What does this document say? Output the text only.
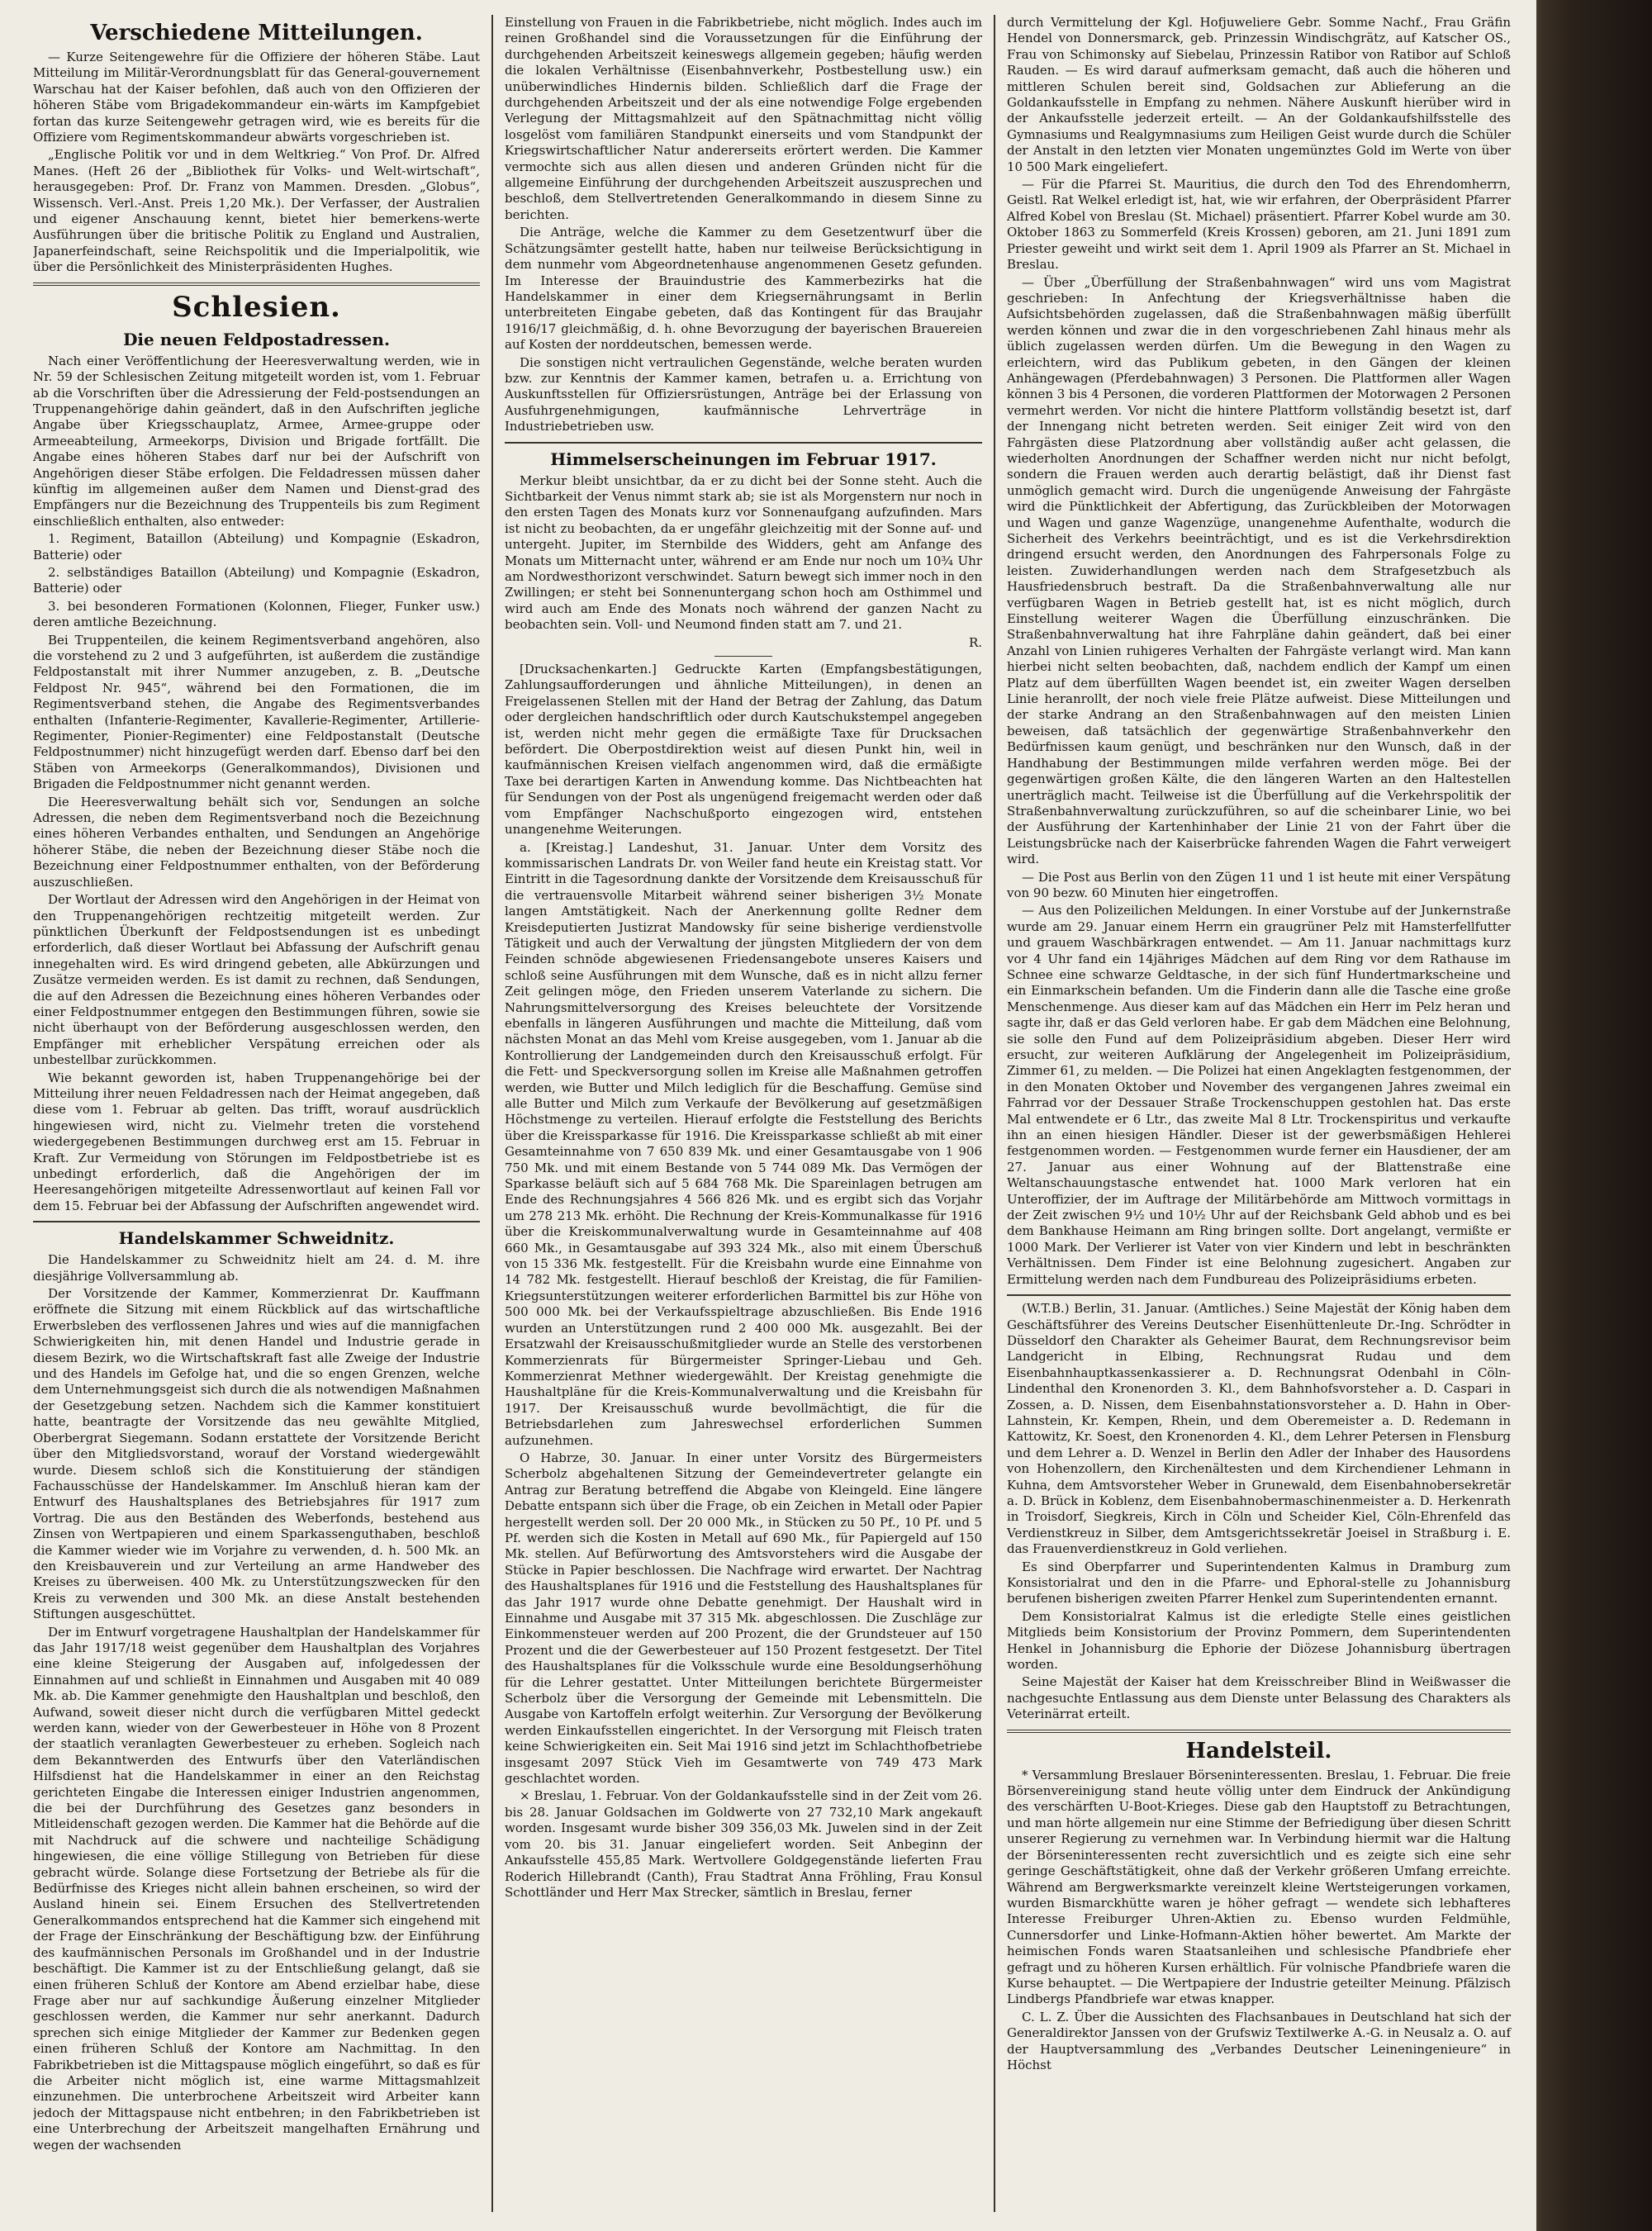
Verschiedene Mitteilungen.

— Kurze Seitengewehre für die Offiziere der höheren Stäbe. Laut Mitteilung im Militär-Verordnungsblatt für das General-gouvernement Warschau hat der Kaiser befohlen, daß auch von den Offizieren der höheren Stäbe vom Brigadekommandeur ein-wärts im Kampfgebiet fortan das kurze Seitengewehr getragen wird, wie es bereits für die Offiziere vom Regimentskommandeur abwärts vorgeschrieben ist.

„Englische Politik vor und in dem Weltkrieg.“ Von Prof. Dr. Alfred Manes. (Heft 26 der „Bibliothek für Volks- und Welt-wirtschaft“, herausgegeben: Prof. Dr. Franz von Mammen. Dresden. „Globus“, Wissensch. Verl.-Anst. Preis 1,20 Mk.). Der Verfasser, der Australien und eigener Anschauung kennt, bietet hier bemerkens-werte Ausführungen über die britische Politik zu England und Australien, Japanerfeindschaft, seine Reichspolitik und die Imperialpolitik, wie über die Persönlichkeit des Ministerpräsidenten Hughes.

Schlesien.
Die neuen Feldpostadressen.

Nach einer Veröffentlichung der Heeresverwaltung werden, wie in Nr. 59 der Schlesischen Zeitung mitgeteilt worden ist, vom 1. Februar ab die Vorschriften über die Adressierung der Feld-postsendungen an Truppenangehörige dahin geändert, daß in den Aufschriften jegliche Angabe über Kriegsschauplatz, Armee, Armee-gruppe oder Armeeabteilung, Armeekorps, Division und Brigade fortfällt. Die Angabe eines höheren Stabes darf nur bei der Aufschrift von Angehörigen dieser Stäbe erfolgen. Die Feldadressen müssen daher künftig im allgemeinen außer dem Namen und Dienst-grad des Empfängers nur die Bezeichnung des Truppenteils bis zum Regiment einschließlich enthalten, also entweder:

1. Regiment, Bataillon (Abteilung) und Kompagnie (Eskadron, Batterie) oder

2. selbständiges Bataillon (Abteilung) und Kompagnie (Eskadron, Batterie) oder

3. bei besonderen Formationen (Kolonnen, Flieger, Funker usw.) deren amtliche Bezeichnung.

Bei Truppenteilen, die keinem Regimentsverband angehören, also die vorstehend zu 2 und 3 aufgeführten, ist außerdem die zuständige Feldpostanstalt mit ihrer Nummer anzugeben, z. B. „Deutsche Feldpost Nr. 945“, während bei den Formationen, die im Regimentsverband stehen, die Angabe des Regimentsverbandes enthalten (Infanterie-Regimenter, Kavallerie-Regimenter, Artillerie-Regimenter, Pionier-Regimenter) eine Feldpostanstalt (Deutsche Feldpostnummer) nicht hinzugefügt werden darf. Ebenso darf bei den Stäben von Armeekorps (Generalkommandos), Divisionen und Brigaden die Feldpostnummer nicht genannt werden.

Die Heeresverwaltung behält sich vor, Sendungen an solche Adressen, die neben dem Regimentsverband noch die Bezeichnung eines höheren Verbandes enthalten, und Sendungen an Angehörige höherer Stäbe, die neben der Bezeichnung dieser Stäbe noch die Bezeichnung einer Feldpostnummer enthalten, von der Beförderung auszuschließen.

Der Wortlaut der Adressen wird den Angehörigen in der Heimat von den Truppenangehörigen rechtzeitig mitgeteilt werden. Zur pünktlichen Überkunft der Feldpostsendungen ist es unbedingt erforderlich, daß dieser Wortlaut bei Abfassung der Aufschrift genau innegehalten wird. Es wird dringend gebeten, alle Abkürzungen und Zusätze vermeiden werden. Es ist damit zu rechnen, daß Sendungen, die auf den Adressen die Bezeichnung eines höheren Verbandes oder einer Feldpostnummer entgegen den Bestimmungen führen, sowie sie nicht überhaupt von der Beförderung ausgeschlossen werden, den Empfänger mit erheblicher Verspätung erreichen oder als unbestellbar zurückkommen.

Wie bekannt geworden ist, haben Truppenangehörige bei der Mitteilung ihrer neuen Feldadressen nach der Heimat angegeben, daß diese vom 1. Februar ab gelten. Das trifft, worauf ausdrücklich hingewiesen wird, nicht zu. Vielmehr treten die vorstehend wiedergegebenen Bestimmungen durchweg erst am 15. Februar in Kraft. Zur Vermeidung von Störungen im Feldpostbetriebe ist es unbedingt erforderlich, daß die Angehörigen der im Heeresangehörigen mitgeteilte Adressenwortlaut auf keinen Fall vor dem 15. Februar bei der Abfassung der Aufschriften angewendet wird.

Handelskammer Schweidnitz.

Die Handelskammer zu Schweidnitz hielt am 24. d. M. ihre diesjährige Vollversammlung ab.

Der Vorsitzende der Kammer, Kommerzienrat Dr. Kauffmann eröffnete die Sitzung mit einem Rückblick auf das wirtschaftliche Erwerbsleben des verflossenen Jahres und wies auf die mannigfachen Schwierigkeiten hin, mit denen Handel und Industrie gerade in diesem Bezirk, wo die Wirtschaftskraft fast alle Zweige der Industrie und des Handels im Gefolge hat, und die so engen Grenzen, welche dem Unternehmungsgeist sich durch die als notwendigen Maßnahmen der Gesetzgebung setzen. Nachdem sich die Kammer konstituiert hatte, beantragte der Vorsitzende das neu gewählte Mitglied, Oberbergrat Siegemann. Sodann erstattete der Vorsitzende Bericht über den Mitgliedsvorstand, worauf der Vorstand wiedergewählt wurde. Diesem schloß sich die Konstituierung der ständigen Fachausschüsse der Handelskammer. Im Anschluß hieran kam der Entwurf des Haushaltsplanes des Betriebsjahres für 1917 zum Vortrag. Die aus den Beständen des Weberfonds, bestehend aus Zinsen von Wertpapieren und einem Sparkassenguthaben, beschloß die Kammer wieder wie im Vorjahre zu verwenden, d. h. 500 Mk. an den Kreisbauverein und zur Verteilung an arme Handweber des Kreises zu überweisen. 400 Mk. zu Unterstützungszwecken für den Kreis zu verwenden und 300 Mk. an diese Anstalt bestehenden Stiftungen ausgeschüttet.

Der im Entwurf vorgetragene Haushaltplan der Handelskammer für das Jahr 1917/18 weist gegenüber dem Haushaltplan des Vorjahres eine kleine Steigerung der Ausgaben auf, infolgedessen der Einnahmen auf und schließt in Einnahmen und Ausgaben mit 40 089 Mk. ab. Die Kammer genehmigte den Haushaltplan und beschloß, den Aufwand, soweit dieser nicht durch die verfügbaren Mittel gedeckt werden kann, wieder von der Gewerbesteuer in Höhe von 8 Prozent der staatlich veranlagten Gewerbesteuer zu erheben. Sogleich nach dem Bekanntwerden des Entwurfs über den Vaterländischen Hilfsdienst hat die Handelskammer in einer an den Reichstag gerichteten Eingabe die Interessen einiger Industrien angenommen, die bei der Durchführung des Gesetzes ganz besonders in Mitleidenschaft gezogen werden. Die Kammer hat die Behörde auf die mit Nachdruck auf die schwere und nachteilige Schädigung hingewiesen, die eine völlige Stillegung von Betrieben für diese gebracht würde. Solange diese Fortsetzung der Betriebe als für die Bedürfnisse des Krieges nicht allein bahnen erscheinen, so wird der Ausland hinein sei. Einem Ersuchen des Stellvertretenden Generalkommandos entsprechend hat die Kammer sich eingehend mit der Frage der Einschränkung der Beschäftigung bzw. der Einführung des kaufmännischen Personals im Großhandel und in der Industrie beschäftigt. Die Kammer ist zu der Entschließung gelangt, daß sie einen früheren Schluß der Kontore am Abend erzielbar habe, diese Frage aber nur auf sachkundige Äußerung einzelner Mitglieder geschlossen werden, die Kammer nur sehr anerkannt. Dadurch sprechen sich einige Mitglieder der Kammer zur Bedenken gegen einen früheren Schluß der Kontore am Nachmittag. In den Fabrikbetrieben ist die Mittagspause möglich eingeführt, so daß es für die Arbeiter nicht möglich ist, eine warme Mittagsmahlzeit einzunehmen. Die unterbrochene Arbeitszeit wird Arbeiter kann jedoch der Mittagspause nicht entbehren; in den Fabrikbetrieben ist eine Unterbrechung der Arbeitszeit mangelhaften Ernährung und wegen der wachsenden

Einstellung von Frauen in die Fabrikbetriebe, nicht möglich. Indes auch im reinen Großhandel sind die Voraussetzungen für die Einführung der durchgehenden Arbeitszeit keineswegs allgemein gegeben; häufig werden die lokalen Verhältnisse (Eisenbahnverkehr, Postbestellung usw.) ein unüberwindliches Hindernis bilden. Schließlich darf die Frage der durchgehenden Arbeitszeit und der als eine notwendige Folge ergebenden Verlegung der Mittagsmahlzeit auf den Spätnachmittag nicht völlig losgelöst vom familiären Standpunkt einerseits und vom Standpunkt der Kriegswirtschaftlicher Natur andererseits erörtert werden. Die Kammer vermochte sich aus allen diesen und anderen Gründen nicht für die allgemeine Einführung der durchgehenden Arbeitszeit auszusprechen und beschloß, dem Stellvertretenden Generalkommando in diesem Sinne zu berichten.

Die Anträge, welche die Kammer zu dem Gesetzentwurf über die Schätzungsämter gestellt hatte, haben nur teilweise Berücksichtigung in dem nunmehr vom Abgeordnetenhause angenommenen Gesetz gefunden. Im Interesse der Brauindustrie des Kammerbezirks hat die Handelskammer in einer dem Kriegsernährungsamt in Berlin unterbreiteten Eingabe gebeten, daß das Kontingent für das Braujahr 1916/17 gleichmäßig, d. h. ohne Bevorzugung der bayerischen Brauereien auf Kosten der norddeutschen, bemessen werde.

Die sonstigen nicht vertraulichen Gegenstände, welche beraten wurden bzw. zur Kenntnis der Kammer kamen, betrafen u. a. Errichtung von Auskunftsstellen für Offiziersrüstungen, Anträge bei der Erlassung von Ausfuhrgenehmigungen, kaufmännische Lehrverträge in Industriebetrieben usw.

Himmelserscheinungen im Februar 1917.

Merkur bleibt unsichtbar, da er zu dicht bei der Sonne steht. Auch die Sichtbarkeit der Venus nimmt stark ab; sie ist als Morgenstern nur noch in den ersten Tagen des Monats kurz vor Sonnenaufgang aufzufinden. Mars ist nicht zu beobachten, da er ungefähr gleichzeitig mit der Sonne auf- und untergeht. Jupiter, im Sternbilde des Widders, geht am Anfange des Monats um Mitternacht unter, während er am Ende nur noch um 10¾ Uhr am Nordwesthorizont verschwindet. Saturn bewegt sich immer noch in den Zwillingen; er steht bei Sonnenuntergang schon hoch am Osthimmel und wird auch am Ende des Monats noch während der ganzen Nacht zu beobachten sein. Voll- und Neumond finden statt am 7. und 21.

R.

[Drucksachenkarten.] Gedruckte Karten (Empfangsbestätigungen, Zahlungsaufforderungen und ähnliche Mitteilungen), in denen an Freigelassenen Stellen mit der Hand der Betrag der Zahlung, das Datum oder dergleichen handschriftlich oder durch Kautschukstempel angegeben ist, werden nicht mehr gegen die ermäßigte Taxe für Drucksachen befördert. Die Oberpostdirektion weist auf diesen Punkt hin, weil in kaufmännischen Kreisen vielfach angenommen wird, daß die ermäßigte Taxe bei derartigen Karten in Anwendung komme. Das Nichtbeachten hat für Sendungen von der Post als ungenügend freigemacht werden oder daß vom Empfänger Nachschußporto eingezogen wird, entstehen unangenehme Weiterungen.

a. [Kreistag.] Landeshut, 31. Januar. Unter dem Vorsitz des kommissarischen Landrats Dr. von Weiler fand heute ein Kreistag statt. Vor Eintritt in die Tagesordnung dankte der Vorsitzende dem Kreisausschuß für die vertrauensvolle Mitarbeit während seiner bisherigen 3½ Monate langen Amtstätigkeit. Nach der Anerkennung gollte Redner dem Kreisdeputierten Justizrat Mandowsky für seine bisherige verdienstvolle Tätigkeit und auch der Verwaltung der jüngsten Mitgliedern der von dem Feinden schnöde abgewiesenen Friedensangebote unseres Kaisers und schloß seine Ausführungen mit dem Wunsche, daß es in nicht allzu ferner Zeit gelingen möge, den Frieden unserem Vaterlande zu sichern. Die Nahrungsmittelversorgung des Kreises beleuchtete der Vorsitzende ebenfalls in längeren Ausführungen und machte die Mitteilung, daß vom nächsten Monat an das Mehl vom Kreise ausgegeben, vom 1. Januar ab die Kontrollierung der Landgemeinden durch den Kreisausschuß erfolgt. Für die Fett- und Speckversorgung sollen im Kreise alle Maßnahmen getroffen werden, wie Butter und Milch lediglich für die Beschaffung. Gemüse sind alle Butter und Milch zum Verkaufe der Bevölkerung auf gesetzmäßigen Höchstmenge zu verteilen. Hierauf erfolgte die Feststellung des Berichts über die Kreissparkasse für 1916. Die Kreissparkasse schließt ab mit einer Gesamteinnahme von 7 650 839 Mk. und einer Gesamtausgabe von 1 906 750 Mk. und mit einem Bestande von 5 744 089 Mk. Das Vermögen der Sparkasse beläuft sich auf 5 684 768 Mk. Die Spareinlagen betrugen am Ende des Rechnungsjahres 4 566 826 Mk. und es ergibt sich das Vorjahr um 278 213 Mk. erhöht. Die Rechnung der Kreis-Kommunalkasse für 1916 über die Kreiskommunalverwaltung wurde in Gesamteinnahme auf 408 660 Mk., in Gesamtausgabe auf 393 324 Mk., also mit einem Überschuß von 15 336 Mk. festgestellt. Für die Kreisbahn wurde eine Einnahme von 14 782 Mk. festgestellt. Hierauf beschloß der Kreistag, die für Familien-Kriegsunterstützungen weiterer erforderlichen Barmittel bis zur Höhe von 500 000 Mk. bei der Verkaufsspieltrage abzuschließen. Bis Ende 1916 wurden an Unterstützungen rund 2 400 000 Mk. ausgezahlt. Bei der Ersatzwahl der Kreisausschußmitglieder wurde an Stelle des verstorbenen Kommerzienrats für Bürgermeister Springer-Liebau und Geh. Kommerzienrat Methner wiedergewählt. Der Kreistag genehmigte die Haushaltpläne für die Kreis-Kommunalverwaltung und die Kreisbahn für 1917. Der Kreisausschuß wurde bevollmächtigt, die für die Betriebsdarlehen zum Jahreswechsel erforderlichen Summen aufzunehmen.

O Habrze, 30. Januar. In einer unter Vorsitz des Bürgermeisters Scherbolz abgehaltenen Sitzung der Gemeindevertreter gelangte ein Antrag zur Beratung betreffend die Abgabe von Kleingeld. Eine längere Debatte entspann sich über die Frage, ob ein Zeichen in Metall oder Papier hergestellt werden soll. Der 20 000 Mk., in Stücken zu 50 Pf., 10 Pf. und 5 Pf. werden sich die Kosten in Metall auf 690 Mk., für Papiergeld auf 150 Mk. stellen. Auf Befürwortung des Amtsvorstehers wird die Ausgabe der Stücke in Papier beschlossen. Die Nachfrage wird erwartet. Der Nachtrag des Haushaltsplanes für 1916 und die Feststellung des Haushaltsplanes für das Jahr 1917 wurde ohne Debatte genehmigt. Der Haushalt wird in Einnahme und Ausgabe mit 37 315 Mk. abgeschlossen. Die Zuschläge zur Einkommensteuer werden auf 200 Prozent, die der Grundsteuer auf 150 Prozent und die der Gewerbesteuer auf 150 Prozent festgesetzt. Der Titel des Haushaltsplanes für die Volksschule wurde eine Besoldungserhöhung für die Lehrer gestattet. Unter Mitteilungen berichtete Bürgermeister Scherbolz über die Versorgung der Gemeinde mit Lebensmitteln. Die Ausgabe von Kartoffeln erfolgt weiterhin. Zur Versorgung der Bevölkerung werden Einkaufsstellen eingerichtet. In der Versorgung mit Fleisch traten keine Schwierigkeiten ein. Seit Mai 1916 sind jetzt im Schlachthofbetriebe insgesamt 2097 Stück Vieh im Gesamtwerte von 749 473 Mark geschlachtet worden.

× Breslau, 1. Februar. Von der Goldankaufsstelle sind in der Zeit vom 26. bis 28. Januar Goldsachen im Goldwerte von 27 732,10 Mark angekauft worden. Insgesamt wurde bisher 309 356,03 Mk. Juwelen sind in der Zeit vom 20. bis 31. Januar eingeliefert worden. Seit Anbeginn der Ankaufsstelle 455,85 Mark. Wertvollere Goldgegenstände lieferten Frau Roderich Hillebrandt (Canth), Frau Stadtrat Anna Fröhling, Frau Konsul Schottländer und Herr Max Strecker, sämtlich in Breslau, ferner

durch Vermittelung der Kgl. Hofjuweliere Gebr. Somme Nachf., Frau Gräfin Hendel von Donnersmarck, geb. Prinzessin Windischgrätz, auf Katscher OS., Frau von Schimonsky auf Siebelau, Prinzessin Ratibor von Ratibor auf Schloß Rauden. — Es wird darauf aufmerksam gemacht, daß auch die höheren und mittleren Schulen bereit sind, Goldsachen zur Ablieferung an die Goldankaufsstelle in Empfang zu nehmen. Nähere Auskunft hierüber wird in der Ankaufsstelle jederzeit erteilt. — An der Goldankaufshilfsstelle des Gymnasiums und Realgymnasiums zum Heiligen Geist wurde durch die Schüler der Anstalt in den letzten vier Monaten ungemünztes Gold im Werte von über 10 500 Mark eingeliefert.

— Für die Pfarrei St. Mauritius, die durch den Tod des Ehrendomherrn, Geistl. Rat Welkel erledigt ist, hat, wie wir erfahren, der Oberpräsident Pfarrer Alfred Kobel von Breslau (St. Michael) präsentiert. Pfarrer Kobel wurde am 30. Oktober 1863 zu Sommerfeld (Kreis Krossen) geboren, am 21. Juni 1891 zum Priester geweiht und wirkt seit dem 1. April 1909 als Pfarrer an St. Michael in Breslau.

— Über „Überfüllung der Straßenbahnwagen“ wird uns vom Magistrat geschrieben: In Anfechtung der Kriegsverhältnisse haben die Aufsichtsbehörden zugelassen, daß die Straßenbahnwagen mäßig überfüllt werden können und zwar die in den vorgeschriebenen Zahl hinaus mehr als üblich zugelassen werden dürfen. Um die Bewegung in den Wagen zu erleichtern, wird das Publikum gebeten, in den Gängen der kleinen Anhängewagen (Pferdebahnwagen) 3 Personen. Die Plattformen aller Wagen können 3 bis 4 Personen, die vorderen Plattformen der Motorwagen 2 Personen vermehrt werden. Vor nicht die hintere Plattform vollständig besetzt ist, darf der Innengang nicht betreten werden. Seit einiger Zeit wird von den Fahrgästen diese Platzordnung aber vollständig außer acht gelassen, die wiederholten Anordnungen der Schaffner werden nicht nur nicht befolgt, sondern die Frauen werden auch derartig belästigt, daß ihr Dienst fast unmöglich gemacht wird. Durch die ungenügende Anweisung der Fahrgäste wird die Pünktlichkeit der Abfertigung, das Zurückbleiben der Motorwagen und Wagen und ganze Wagenzüge, unangenehme Aufenthalte, wodurch die Sicherheit des Verkehrs beeinträchtigt, und es ist die Verkehrsdirektion dringend ersucht werden, den Anordnungen des Fahrpersonals Folge zu leisten. Zuwiderhandlungen werden nach dem Strafgesetzbuch als Hausfriedensbruch bestraft. Da die Straßenbahnverwaltung alle nur verfügbaren Wagen in Betrieb gestellt hat, ist es nicht möglich, durch Einstellung weiterer Wagen die Überfüllung einzuschränken. Die Straßenbahnverwaltung hat ihre Fahrpläne dahin geändert, daß bei einer Anzahl von Linien ruhigeres Verhalten der Fahrgäste verlangt wird. Man kann hierbei nicht selten beobachten, daß, nachdem endlich der Kampf um einen Platz auf dem überfüllten Wagen beendet ist, ein zweiter Wagen derselben Linie heranrollt, der noch viele freie Plätze aufweist. Diese Mitteilungen und der starke Andrang an den Straßenbahnwagen auf den meisten Linien beweisen, daß tatsächlich der gegenwärtige Straßenbahnverkehr den Bedürfnissen kaum genügt, und beschränken nur den Wunsch, daß in der Handhabung der Bestimmungen milde verfahren werden möge. Bei der gegenwärtigen großen Kälte, die den längeren Warten an den Haltestellen unerträglich macht. Teilweise ist die Überfüllung auf die Verkehrspolitik der Straßenbahnverwaltung zurückzuführen, so auf die scheinbarer Linie, wo bei der Ausführung der Kartenhinhaber der Linie 21 von der Fahrt über die Leistungsbrücke nach der Kaiserbrücke fahrenden Wagen die Fahrt verweigert wird.

— Die Post aus Berlin von den Zügen 11 und 1 ist heute mit einer Verspätung von 90 bezw. 60 Minuten hier eingetroffen.

— Aus den Polizeilichen Meldungen. In einer Vorstube auf der Junkernstraße wurde am 29. Januar einem Herrn ein graugrüner Pelz mit Hamsterfellfutter und grauem Waschbärkragen entwendet. — Am 11. Januar nachmittags kurz vor 4 Uhr fand ein 14jähriges Mädchen auf dem Ring vor dem Rathause im Schnee eine schwarze Geldtasche, in der sich fünf Hundertmarkscheine und ein Einmarkschein befanden. Um die Finderin dann alle die Tasche eine große Menschenmenge. Aus dieser kam auf das Mädchen ein Herr im Pelz heran und sagte ihr, daß er das Geld verloren habe. Er gab dem Mädchen eine Belohnung, sie solle den Fund auf dem Polizeipräsidium abgeben. Dieser Herr wird ersucht, zur weiteren Aufklärung der Angelegenheit im Polizeipräsidium, Zimmer 61, zu melden. — Die Polizei hat einen Angeklagten festgenommen, der in den Monaten Oktober und November des vergangenen Jahres zweimal ein Fahrrad vor der Dessauer Straße Trockenschuppen gestohlen hat. Das erste Mal entwendete er 6 Ltr., das zweite Mal 8 Ltr. Trockenspiritus und verkaufte ihn an einen hiesigen Händler. Dieser ist der gewerbsmäßigen Hehlerei festgenommen worden. — Festgenommen wurde ferner ein Hausdiener, der am 27. Januar aus einer Wohnung auf der Blattenstraße eine Weltanschauungstasche entwendet hat. 1000 Mark verloren hat ein Unteroffizier, der im Auftrage der Militärbehörde am Mittwoch vormittags in der Zeit zwischen 9½ und 10½ Uhr auf der Reichsbank Geld abhob und es bei dem Bankhause Heimann am Ring bringen sollte. Dort angelangt, vermißte er 1000 Mark. Der Verlierer ist Vater von vier Kindern und lebt in beschränkten Verhältnissen. Dem Finder ist eine Belohnung zugesichert. Angaben zur Ermittelung werden nach dem Fundbureau des Polizeipräsidiums erbeten.

(W.T.B.) Berlin, 31. Januar. (Amtliches.) Seine Majestät der König haben dem Geschäftsführer des Vereins Deutscher Eisenhüttenleute Dr.-Ing. Schrödter in Düsseldorf den Charakter als Geheimer Baurat, dem Rechnungsrevisor beim Landgericht in Elbing, Rechnungsrat Rudau und dem Eisenbahnhauptkassenkassierer a. D. Rechnungsrat Odenbahl in Cöln-Lindenthal den Kronenorden 3. Kl., dem Bahnhofsvorsteher a. D. Caspari in Zossen, a. D. Nissen, dem Eisenbahnstationsvorsteher a. D. Hahn in Ober-Lahnstein, Kr. Kempen, Rhein, und dem Oberemeister a. D. Redemann in Kattowitz, Kr. Soest, den Kronenorden 4. Kl., dem Lehrer Petersen in Flensburg und dem Lehrer a. D. Wenzel in Berlin den Adler der Inhaber des Hausordens von Hohenzollern, den Kirchenältesten und dem Kirchendiener Lehmann in Kuhna, dem Amtsvorsteher Weber in Grunewald, dem Eisenbahnobersekretär a. D. Brück in Koblenz, dem Eisenbahnobermaschinenmeister a. D. Herkenrath in Troisdorf, Siegkreis, Kirch in Cöln und Scheider Kiel, Cöln-Ehrenfeld das Verdienstkreuz in Silber, dem Amtsgerichtssekretär Joeisel in Straßburg i. E. das Frauenverdienstkreuz in Gold verliehen.

Es sind Oberpfarrer und Superintendenten Kalmus in Dramburg zum Konsistorialrat und den in die Pfarre- und Ephoral-stelle zu Johannisburg berufenen bisherigen zweiten Pfarrer Henkel zum Superintendenten ernannt.

Dem Konsistorialrat Kalmus ist die erledigte Stelle eines geistlichen Mitglieds beim Konsistorium der Provinz Pommern, dem Superintendenten Henkel in Johannisburg die Ephorie der Diözese Johannisburg übertragen worden.

Seine Majestät der Kaiser hat dem Kreisschreiber Blind in Weißwasser die nachgesuchte Entlassung aus dem Dienste unter Belassung des Charakters als Veterinärrat erteilt.

Handelsteil.

* Versammlung Breslauer Börseninteressenten. Breslau, 1. Februar. Die freie Börsenvereinigung stand heute völlig unter dem Eindruck der Ankündigung des verschärften U-Boot-Krieges. Diese gab den Hauptstoff zu Betrachtungen, und man hörte allgemein nur eine Stimme der Befriedigung über diesen Schritt unserer Regierung zu vernehmen war. In Verbindung hiermit war die Haltung der Börseninteressenten recht zuversichtlich und es zeigte sich eine sehr geringe Geschäftstätigkeit, ohne daß der Verkehr größeren Umfang erreichte. Während am Bergwerksmarkte vereinzelt kleine Wertsteigerungen vorkamen, wurden Bismarckhütte waren je höher gefragt — wendete sich lebhafteres Interesse Freiburger Uhren-Aktien zu. Ebenso wurden Feldmühle, Cunnersdorfer und Linke-Hofmann-Aktien höher bewertet. Am Markte der heimischen Fonds waren Staatsanleihen und schlesische Pfandbriefe eher gefragt und zu höheren Kursen erhältlich. Für volnische Pfandbriefe waren die Kurse behauptet. — Die Wertpapiere der Industrie geteilter Meinung. Pfälzisch Lindbergs Pfandbriefe war etwas knapper.

C. L. Z. Über die Aussichten des Flachsanbaues in Deutschland hat sich der Generaldirektor Janssen von der Grufswiz Textilwerke A.-G. in Neusalz a. O. auf der Hauptversammlung des „Verbandes Deutscher Leineningenieure“ in Höchst
